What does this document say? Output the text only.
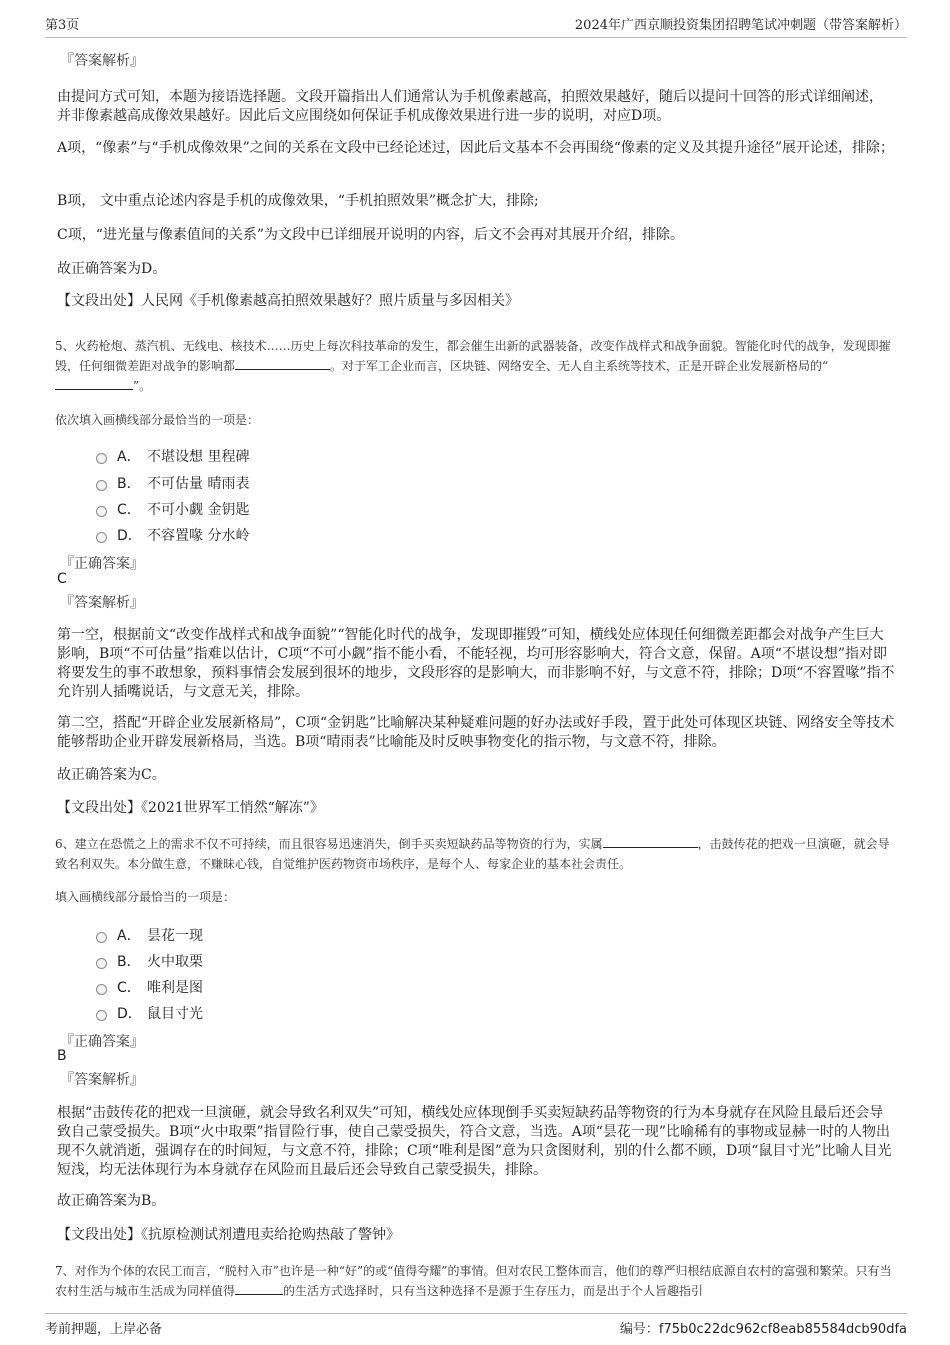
第3页	2024年广西京顺投资集团招聘笔试冲刺题（带答案解析）
『答案解析』
由提问方式可知，本题为接语选择题。文段开篇指出人们通常认为手机像素越高，拍照效果越好，随后以提问十回答的形式详细阐述，并非像素越高成像效果越好。因此后文应围绕如何保证手机成像效果进行进一步的说明，对应D项。
A项，“像素”与“手机成像效果”之间的关系在文段中已经论述过，因此后文基本不会再围绕“像素的定义及其提升途径”展开论述，排除；
B项， 文中重点论述内容是手机的成像效果，“手机拍照效果”概念扩大，排除;
C项，“进光量与像素值间的关系”为文段中已详细展开说明的内容，后文不会再对其展开介绍，排除。
故正确答案为D。
【文段出处】人民网《手机像素越高拍照效果越好？照片质量与多因相关》
5、火药枪炮、蒸汽机、无线电、核技术……历史上每次科技革命的发生，都会催生出新的武器装备，改变作战样式和战争面貌。智能化时代的战争，发现即摧毁，任何细微差距对战争的影响都	。对于军工企业而言，区块链、网络安全、无人自主系统等技术，正是开辟企业发展新格局的“”。
依次填入画横线部分最恰当的一项是：
A． 不堪设想 里程碑
B． 不可估量 晴雨表
C． 不可小觑 金钥匙
D． 不容置喙 分水岭
『正确答案』
C
『答案解析』
第一空，根据前文“改变作战样式和战争面貌”“智能化时代的战争，发现即摧毁”可知，横线处应体现任何细微差距都会对战争产生巨大影响，B项“不可估量”指难以估计，C项“不可小觑”指不能小看，不能轻视，均可形容影响大，符合文意，保留。A项“不堪设想”指对即将要发生的事不敢想象，预料事情会发展到很坏的地步，文段形容的是影响大，而非影响不好，与文意不符，排除；D项“不容置喙”指不允许别人插嘴说话，与文意无关，排除。
第二空，搭配“开辟企业发展新格局”，C项“金钥匙”比喻解决某种疑难问题的好办法或好手段，置于此处可体现区块链、网络安全等技术能够帮助企业开辟发展新格局，当选。B项“晴雨表”比喻能及时反映事物变化的指示物，与文意不符，排除。
故正确答案为C。
【文段出处】《2021世界军工悄然“解冻”》
6、建立在恐慌之上的需求不仅不可持续，而且很容易迅速消失，倒手买卖短缺药品等物资的行为，实属	，击鼓传花的把戏一旦演砸，就会导致名利双失。本分做生意，不赚昧心钱，自觉维护医药物资市场秩序，是每个人、每家企业的基本社会责任。
填入画横线部分最恰当的一项是：
A． 昙花一现
B． 火中取栗
C． 唯利是图
D． 鼠目寸光
『正确答案』
B
『答案解析』
根据“击鼓传花的把戏一旦演砸，就会导致名利双失”可知，横线处应体现倒手买卖短缺药品等物资的行为本身就存在风险且最后还会导致自己蒙受损失。B项“火中取栗”指冒险行事，使自己蒙受损失，符合文意，当选。A项“昙花一现”比喻稀有的事物或显赫一时的人物出现不久就消逝，强调存在的时间短，与文意不符，排除；C项“唯利是图”意为只贪图财利，别的什么都不顾，D项“鼠目寸光”比喻人目光短浅，均无法体现行为本身就存在风险而且最后还会导致自己蒙受损失，排除。
故正确答案为B。
【文段出处】《抗原检测试剂遭甩卖给抢购热敲了警钟》
7、对作为个体的农民工而言，“脱村入市”也许是一种“好”的或“值得夸耀”的事情。但对农民工整体而言，他们的尊严归根结底源自农村的富强和繁荣。只有当农村生活与城市生活成为同样值得	的生活方式选择时，只有当这种选择不是源于生存压力，而是出于个人旨趣指引
考前押题，上岸必备	编号：f75b0c22dc962cf8eab85584dcb90dfa
